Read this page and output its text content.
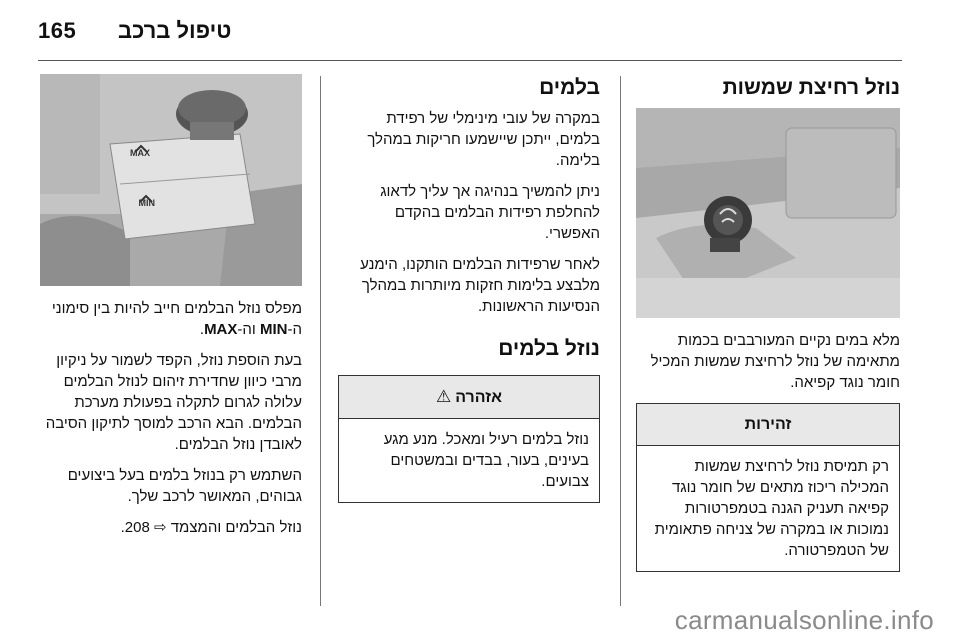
165 טיפול ברכב
נוזל רחיצת שמשות

מלא במים נקיים המעורבבים בכמות מתאימה של נוזל לרחיצת שמשות המכיל חומר נוגד קפיאה.

זהירות
רק תמיסת נוזל לרחיצת שמשות המכילה ריכוז מתאים של חומר נוגד קפיאה תעניק הגנה בטמפרטורות נמוכות או במקרה של צניחה פתאומית של הטמפרטורה.
בלמים

במקרה של עובי מינימלי של רפידת בלמים, ייתכן שיישמעו חריקות במהלך בלימה.

ניתן להמשיך בנהיגה אך עליך לדאוג להחלפת רפידות הבלמים בהקדם האפשרי.

לאחר שרפידות הבלמים הותקנו, הימנע מלבצע בלימות חזקות מיותרות במהלך הנסיעות הראשונות.

נוזל בלמים
אזהרה⚠
נוזל בלמים רעיל ומאכל. מנע מגע בעינים, בעור, בבדים ובמשטחים צבועים.
MAX
MIN

מפלס נוזל הבלמים חייב להיות בין סימוני ה-MIN וה-MAX.

בעת הוספת נוזל, הקפד לשמור על ניקיון מרבי כיוון שחדירת זיהום לנוזל הבלמים עלולה לגרום לתקלה בפעולת מערכת הבלמים. הבא הרכב למוסך לתיקון הסיבה לאובדן נוזל הבלמים.

השתמש רק בנוזל בלמים בעל ביצועים גבוהים, המאושר לרכב שלך.

נוזל הבלמים והמצמד ⇨ 208.

carmanualsonline.info
